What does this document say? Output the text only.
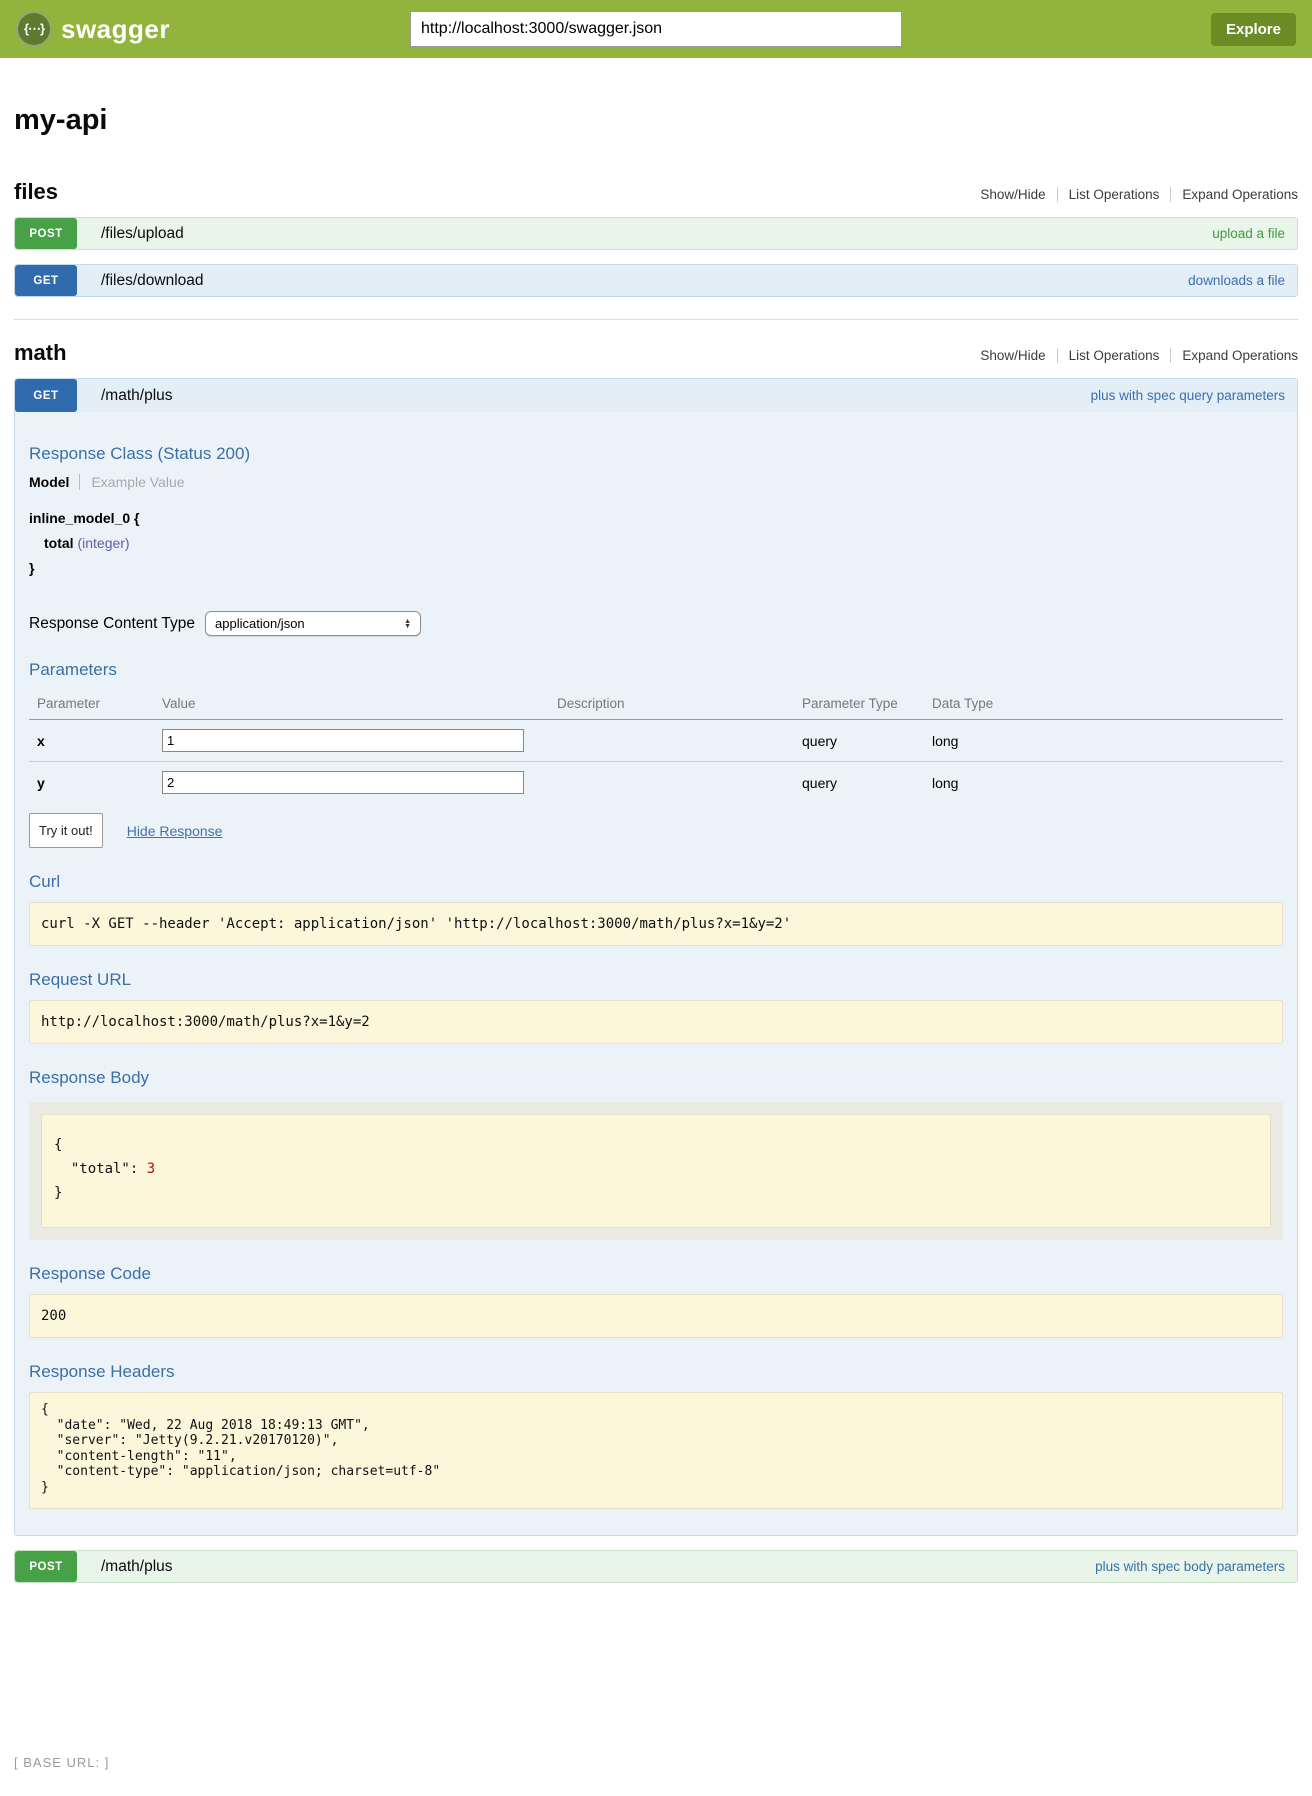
{⋯} swagger
http://localhost:3000/swagger.json	Explore
my-api
files	Show/Hide	List Operations	Expand Operations
POST	/files/upload	upload a file
GET	/files/download	downloads a file
math	Show/Hide	List Operations	Expand Operations
GET	/math/plus	plus with spec query parameters
Response Class (Status 200)
Model	Example Value
inline_model_0 {
total (integer)
}
Response Content Type application/json	▲
▼
Parameters
Parameter	Value	Description	Parameter Type	Data Type
x	1		query	long
y	2		query	long
Try it out!	Hide Response
Curl
curl -X GET --header 'Accept: application/json' 'http://localhost:3000/math/plus?x=1&y=2'
Request URL
http://localhost:3000/math/plus?x=1&y=2
Response Body
{
"total": 3
}
Response Code
200
Response Headers
{
"date": "Wed, 22 Aug 2018 18:49:13 GMT",
"server": "Jetty(9.2.21.v20170120)",
"content-length": "11",
"content-type": "application/json; charset=utf-8"
}
POST	/math/plus	plus with spec body parameters
[ BASE URL: ]
